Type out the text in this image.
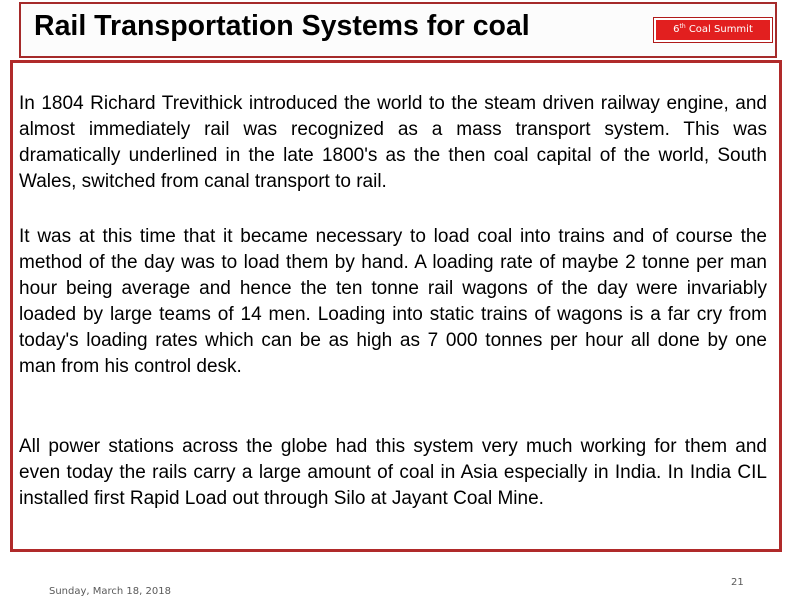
Rail Transportation Systems for coal	6th Coal Summit

In 1804 Richard Trevithick introduced the world to the steam driven railway engine, and almost immediately rail was recognized as a mass transport system. This was dramatically underlined in the late 1800's as the then coal capital of the world, South Wales, switched from canal transport to rail.

It was at this time that it became necessary to load coal into trains and of course the method of the day was to load them by hand. A loading rate of maybe 2 tonne per man hour being average and hence the ten tonne rail wagons of the day were invariably loaded by large teams of 14 men. Loading into static trains of wagons is a far cry from today's loading rates which can be as high as 7 000 tonnes per hour all done by one man from his control desk.

All power stations across the globe had this system very much working for them and even today the rails carry a large amount of coal in Asia especially in India. In India CIL installed first Rapid Load out through Silo at Jayant Coal Mine.

Sunday, March 18, 2018
21
